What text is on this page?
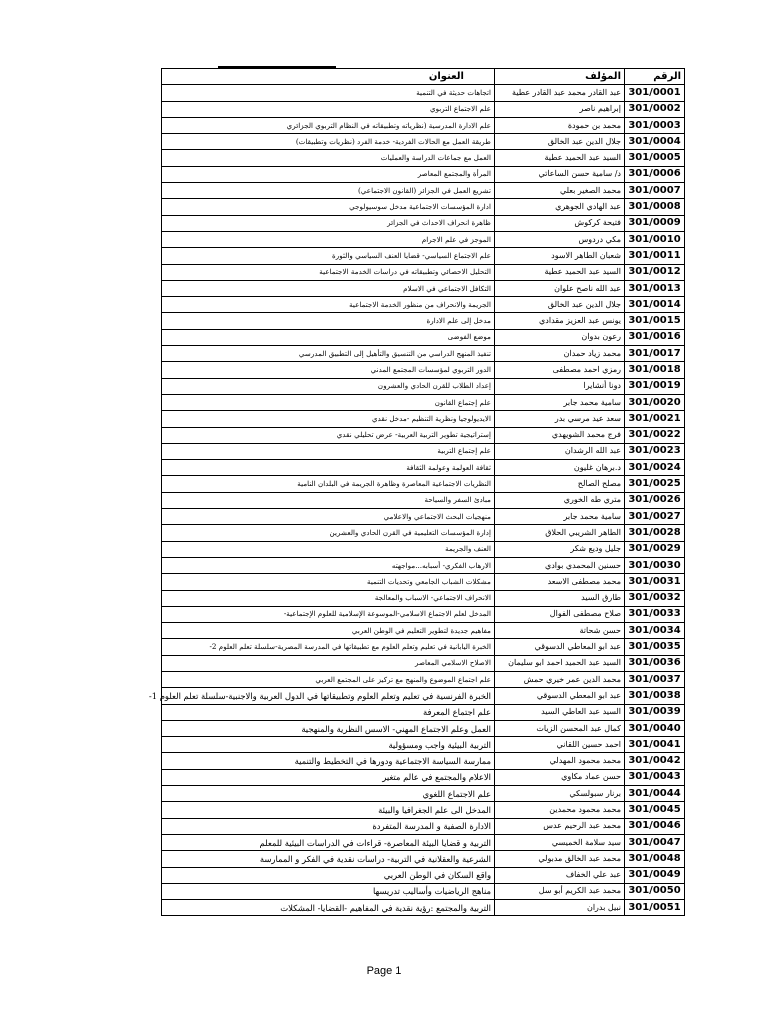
الرقم	المؤلف	العنوان
301/0001	عبد القادر محمد عبد القادر عطية	اتجاهات حديثة في التنمية
301/0002	إبراهيم ناصر	علم الاجتماع التربوي
301/0003	محمد بن حمودة	علم الادارة المدرسية (نظرياته وتطبيقاته في النظام التربوي الجزائري
301/0004	جلال الدين عبد الخالق	طريقة العمل مع الحالات الفردية- خدمة الفرد (نظريات وتطبيقات)
301/0005	السيد عبد الحميد عطية	العمل مع جماعات الدراسة والعمليات
301/0006	د/ سامية حسن الساعاتي	المرأة والمجتمع المعاصر
301/0007	محمد الصغير بعلي	تشريع العمل في الجزائر (القانون الاجتماعي)
301/0008	عبد الهادي الجوهري	ادارة المؤسسات الاجتماعية مدخل سوسيولوجي
301/0009	فتيحة كركوش	ظاهرة انحراف الاحداث في الجزائر
301/0010	مكي دردوس	الموجز في علم الاجرام
301/0011	شعبان الطاهر الاسود	علم الاجتماع السياسي- قضايا العنف السياسي والثورة
301/0012	السيد عبد الحميد عطية	التحليل الاحصائي وتطبيقاته في دراسات الخدمة الاجتماعية
301/0013	عبد الله ناصح علوان	التكافل الاجتماعي في الاسلام
301/0014	جلال الدين عبد الخالق	الجريمة والانحراف من منظور الخدمة الاجتماعية
301/0015	يونس عبد العزيز مقدادي	مدخل إلى علم الادارة
301/0016	رعون بدوان	موضع الفوضى
301/0017	محمد زياد حمدان	تنفيذ المنهج الدراسي من التنسيق والتأهيل إلى التطبيق المدرسي
301/0018	رمزي احمد مصطفى	الدور التربوي لمؤسسات المجتمع المدني
301/0019	دونا أنشايرا	إعداد الطلاب للقرن الحادي والعشرون
301/0020	سامية محمد جابر	علم إجتماع القانون
301/0021	سعد عيد مرسي بدر	الايديولوجيا ونظرية التنظيم -مدخل نقدي
301/0022	فرج محمد الشويهدي	إستراتيجية تطوير التربية العربية- عرض تحليلي نقدي
301/0023	عبد الله الرشدان	علم إجتماع التربية
301/0024	د.برهان غليون	ثقافة العولمة وعولمة الثقافة
301/0025	مصلح الصالح	النظريات الاجتماعية المعاصرة وظاهرة الجريمة في البلدان النامية
301/0026	متري طه الخوري	مبادئ السفر والسياحة
301/0027	سامية محمد جابر	منهجيات البحث الاجتماعي والاعلامي
301/0028	الطاهر الشريبي الحلاق	إدارة المؤسسات التعليمية في القرن الحادي والعشرين
301/0029	جليل وديع شكر	العنف والجريمة
301/0030	حسنين المحمدي بوادي	الارهاب الفكري- أسبابه...مواجهته
301/0031	محمد مصطفى الاسعد	مشكلات الشباب الجامعي وتحديات التنمية
301/0032	طارق السيد	الانحراف الاجتماعي- الاسباب والمعالجة
301/0033	صلاح مصطفى الفوال	المدخل لعلم الاجتماع الاسلامي-الموسوعة الإسلامية للعلوم الإجتماعية-
301/0034	حسن شحاتة	مفاهيم جديدة لتطوير التعليم في الوطن العربي
301/0035	عبد ابو المعاطي الدسوقي	الخبرة اليابانية في تعليم وتعلم العلوم مع تطبيقاتها في المدرسة المصرية-سلسلة تعلم العلوم 2-
301/0036	السيد عبد الحميد احمد ابو سليمان	الاصلاح الاسلامي المعاصر
301/0037	محمد الدين عمر خيري حمش	علم اجتماع الموضوع والمنهج مع تركيز على المجتمع العربي
301/0038	عبد ابو المعطي الدسوقي	الخبرة الفرنسية في تعليم وتعلم العلوم وتطبيقاتها في الدول العربية والاجنبية-سلسلة تعلم العلوم 1-
301/0039	السيد عبد العاطي السيد	علم اجتماع المعرفة
301/0040	كمال عبد المحسن الزيات	العمل وعلم الاجتماع المهني- الاسس النظرية والمنهجية
301/0041	احمد حسين اللقاني	التربية البيئية واجب ومسؤولية
301/0042	محمد محمود المهدلي	ممارسة السياسة الاجتماعية ودورها في التخطيط والتنمية
301/0043	حسن عماد مكاوي	الاعلام والمجتمع في عالم متغير
301/0044	برنار سبولسكي	علم الاجتماع اللغوي
301/0045	محمد محمود محمدين	المدخل الى علم الجغرافيا والبيئة
301/0046	محمد عبد الرحيم عدس	الادارة الصفية و المدرسة المتفردة
301/0047	سيد سلامة الخميسي	التربية و قضايا البيئة المعاصرة- قراءات في الدراسات البيئية للمعلم
301/0048	محمد عبد الخالق مدبولي	الشرعية والعقلانية في التربية- دراسات نقدية في الفكر و الممارسة
301/0049	عبد علي الخفاف	واقع السكان في الوطن العربي
301/0050	محمد عبد الكريم أبو سل	مناهج الرياضيات وأساليب تدريسها
301/0051	نبيل بدران	التربية والمجتمع :رؤية نقدية في المفاهيم -القضايا- المشكلات
Page 1
